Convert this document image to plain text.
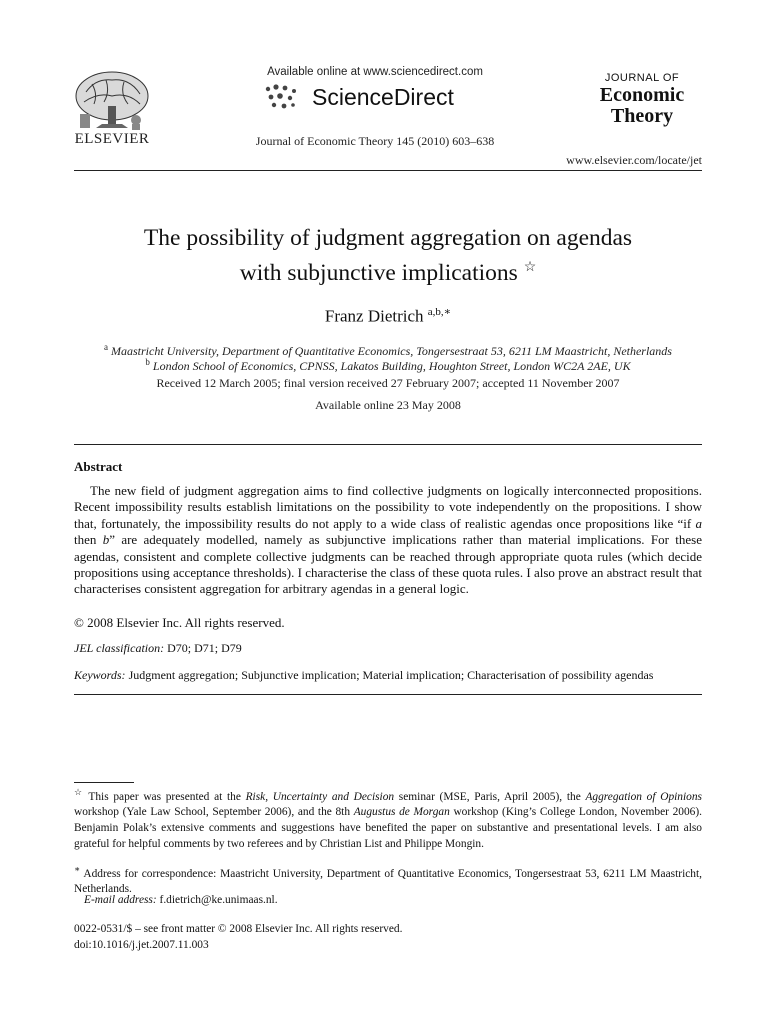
ELSEVIER
Available online at www.sciencedirect.com
ScienceDirect
Journal of Economic Theory 145 (2010) 603–638
JOURNAL OF
Economic
Theory
www.elsevier.com/locate/jet
The possibility of judgment aggregation on agendas
with subjunctive implications ☆
Franz Dietrich $^{a,b,∗}$
$^a$ Maastricht University, Department of Quantitative Economics, Tongersestraat 53, 6211 LM Maastricht, Netherlands
$^b$ London School of Economics, CPNSS, Lakatos Building, Houghton Street, London WC2A 2AE, UK
Received 12 March 2005; final version received 27 February 2007; accepted 11 November 2007
Available online 23 May 2008
Abstract

The new field of judgment aggregation aims to find collective judgments on logically interconnected propositions. Recent impossibility results establish limitations on the possibility to vote independently on the propositions. I show that, fortunately, the impossibility results do not apply to a wide class of realistic agendas once propositions like “if a then b” are adequately modelled, namely as subjunctive implications rather than material implications. For these agendas, consistent and complete collective judgments can be reached through appropriate quota rules (which decide propositions using acceptance thresholds). I characterise the class of these quota rules. I also prove an abstract result that characterises consistent aggregation for arbitrary agendas in a general logic.

© 2008 Elsevier Inc. All rights reserved.
JEL classification: D70; D71; D79
Keywords: Judgment aggregation; Subjunctive implication; Material implication; Characterisation of possibility agendas
☆ This paper was presented at the Risk, Uncertainty and Decision seminar (MSE, Paris, April 2005), the Aggregation of Opinions workshop (Yale Law School, September 2006), and the 8th Augustus de Morgan workshop (King’s College London, November 2006). Benjamin Polak’s extensive comments and suggestions have benefited the paper on substantive and presentational levels. I am also grateful for helpful comments by two referees and by Christian List and Philippe Mongin.
∗ Address for correspondence: Maastricht University, Department of Quantitative Economics, Tongersestraat 53, 6211 LM Maastricht, Netherlands.
E-mail address: f.dietrich@ke.unimaas.nl.
0022-0531/$ – see front matter © 2008 Elsevier Inc. All rights reserved.
doi:10.1016/j.jet.2007.11.003
